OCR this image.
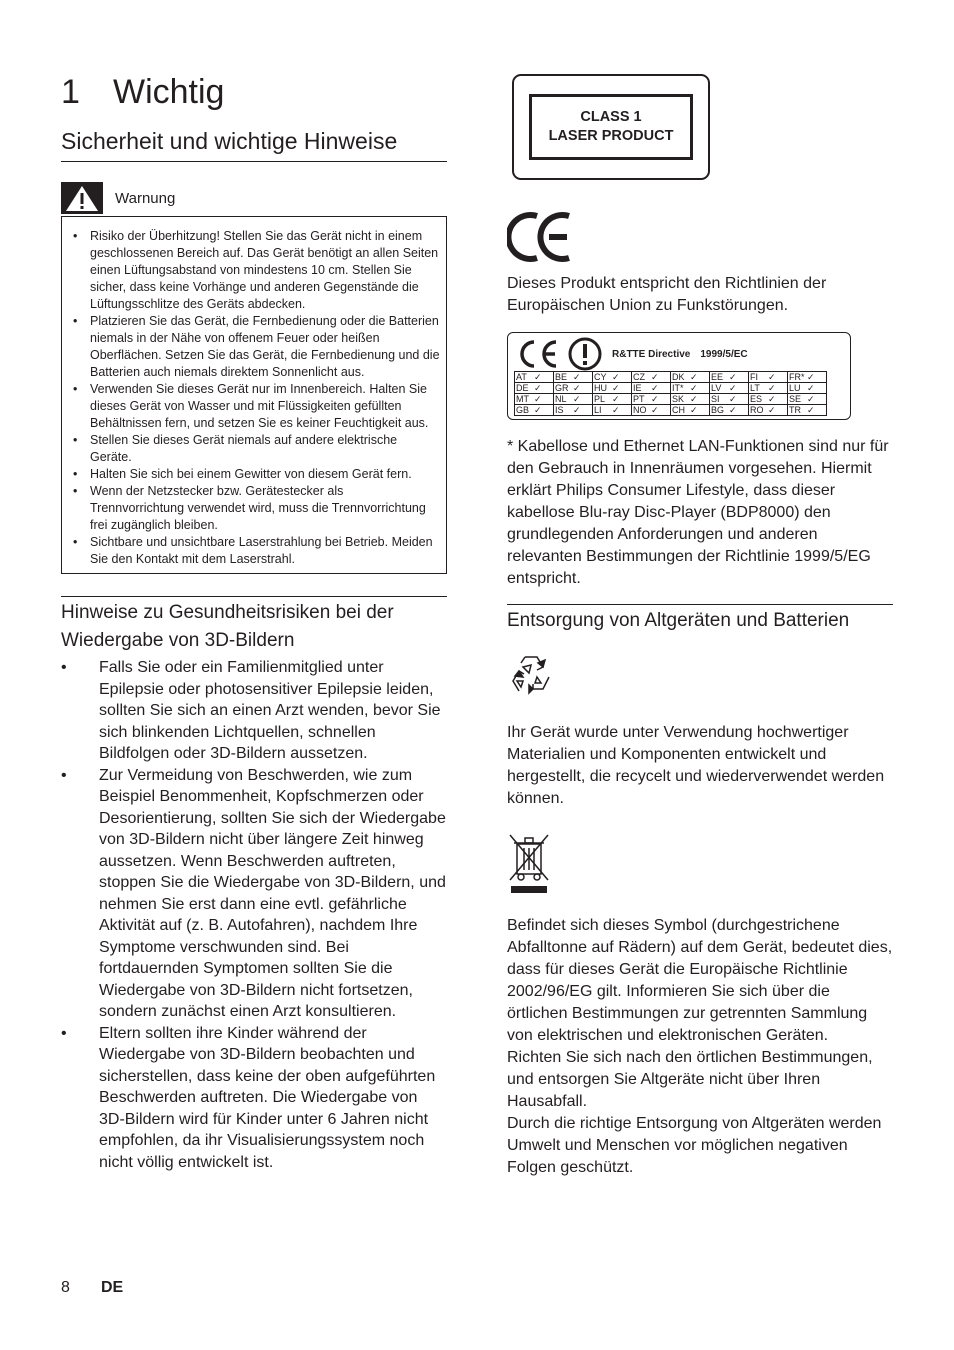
1 Wichtig
Sicherheit und wichtige Hinweise
Warnung
• Risiko der Überhitzung! Stellen Sie das Gerät nicht in einem geschlossenen Bereich auf. Das Gerät benötigt an allen Seiten einen Lüftungsabstand von mindestens 10 cm. Stellen Sie sicher, dass keine Vorhänge und anderen Gegenstände die Lüftungsschlitze des Geräts abdecken.
• Platzieren Sie das Gerät, die Fernbedienung oder die Batterien niemals in der Nähe von offenem Feuer oder heißen Oberflächen. Setzen Sie das Gerät, die Fernbedienung und die Batterien auch niemals direktem Sonnenlicht aus.
• Verwenden Sie dieses Gerät nur im Innenbereich. Halten Sie dieses Gerät von Wasser und mit Flüssigkeiten gefüllten Behältnissen fern, und setzen Sie es keiner Feuchtigkeit aus.
• Stellen Sie dieses Gerät niemals auf andere elektrische Geräte.
• Halten Sie sich bei einem Gewitter von diesem Gerät fern.
• Wenn der Netzstecker bzw. Gerätestecker als Trennvorrichtung verwendet wird, muss die Trennvorrichtung frei zugänglich bleiben.
• Sichtbare und unsichtbare Laserstrahlung bei Betrieb. Meiden Sie den Kontakt mit dem Laserstrahl.
Hinweise zu Gesundheitsrisiken bei der Wiedergabe von 3D-Bildern
• Falls Sie oder ein Familienmitglied unter Epilepsie oder photosensitiver Epilepsie leiden, sollten Sie sich an einen Arzt wenden, bevor Sie sich blinkenden Lichtquellen, schnellen Bildfolgen oder 3D-Bildern aussetzen.
• Zur Vermeidung von Beschwerden, wie zum Beispiel Benommenheit, Kopfschmerzen oder Desorientierung, sollten Sie sich der Wiedergabe von 3D-Bildern nicht über längere Zeit hinweg aussetzen. Wenn Beschwerden auftreten, stoppen Sie die Wiedergabe von 3D-Bildern, und nehmen Sie erst dann eine evtl. gefährliche Aktivität auf (z. B. Autofahren), nachdem Ihre Symptome verschwunden sind. Bei fortdauernden Symptomen sollten Sie die Wiedergabe von 3D-Bildern nicht fortsetzen, sondern zunächst einen Arzt konsultieren.
• Eltern sollten ihre Kinder während der Wiedergabe von 3D-Bildern beobachten und sicherstellen, dass keine der oben aufgeführten Beschwerden auftreten. Die Wiedergabe von 3D-Bildern wird für Kinder unter 6 Jahren nicht empfohlen, da ihr Visualisierungssystem noch nicht völlig entwickelt ist.
CLASS 1
LASER PRODUCT

Dieses Produkt entspricht den Richtlinien der Europäischen Union zu Funkstörungen.

R&TTE Directive 1999/5/EC
AT ✓	BE ✓	CY ✓	CZ ✓	DK ✓	EE ✓	FI ✓	FR* ✓

DE ✓	GR ✓	HU ✓	IE ✓	IT* ✓	LV ✓	LT ✓	LU ✓

MT ✓	NL ✓	PL ✓	PT ✓	SK ✓	SI ✓	ES ✓	SE ✓

GB ✓	IS ✓	LI ✓	NO ✓	CH ✓	BG ✓	RO ✓	TR ✓

* Kabellose und Ethernet LAN-Funktionen sind nur für den Gebrauch in Innenräumen vorgesehen. Hiermit erklärt Philips Consumer Lifestyle, dass dieser kabellose Blu-ray Disc-Player (BDP8000) den grundlegenden Anforderungen und anderen relevanten Bestimmungen der Richtlinie 1999/5/EG entspricht.

Entsorgung von Altgeräten und Batterien

Ihr Gerät wurde unter Verwendung hochwertiger Materialien und Komponenten entwickelt und hergestellt, die recycelt und wiederverwendet werden können.

Befindet sich dieses Symbol (durchgestrichene Abfalltonne auf Rädern) auf dem Gerät, bedeutet dies, dass für dieses Gerät die Europäische Richtlinie 2002/96/EG gilt. Informieren Sie sich über die örtlichen Bestimmungen zur getrennten Sammlung von elektrischen und elektronischen Geräten.

Richten Sie sich nach den örtlichen Bestimmungen, und entsorgen Sie Altgeräte nicht über Ihren Hausabfall.

Durch die richtige Entsorgung von Altgeräten werden Umwelt und Menschen vor möglichen negativen Folgen geschützt.

8	DE
